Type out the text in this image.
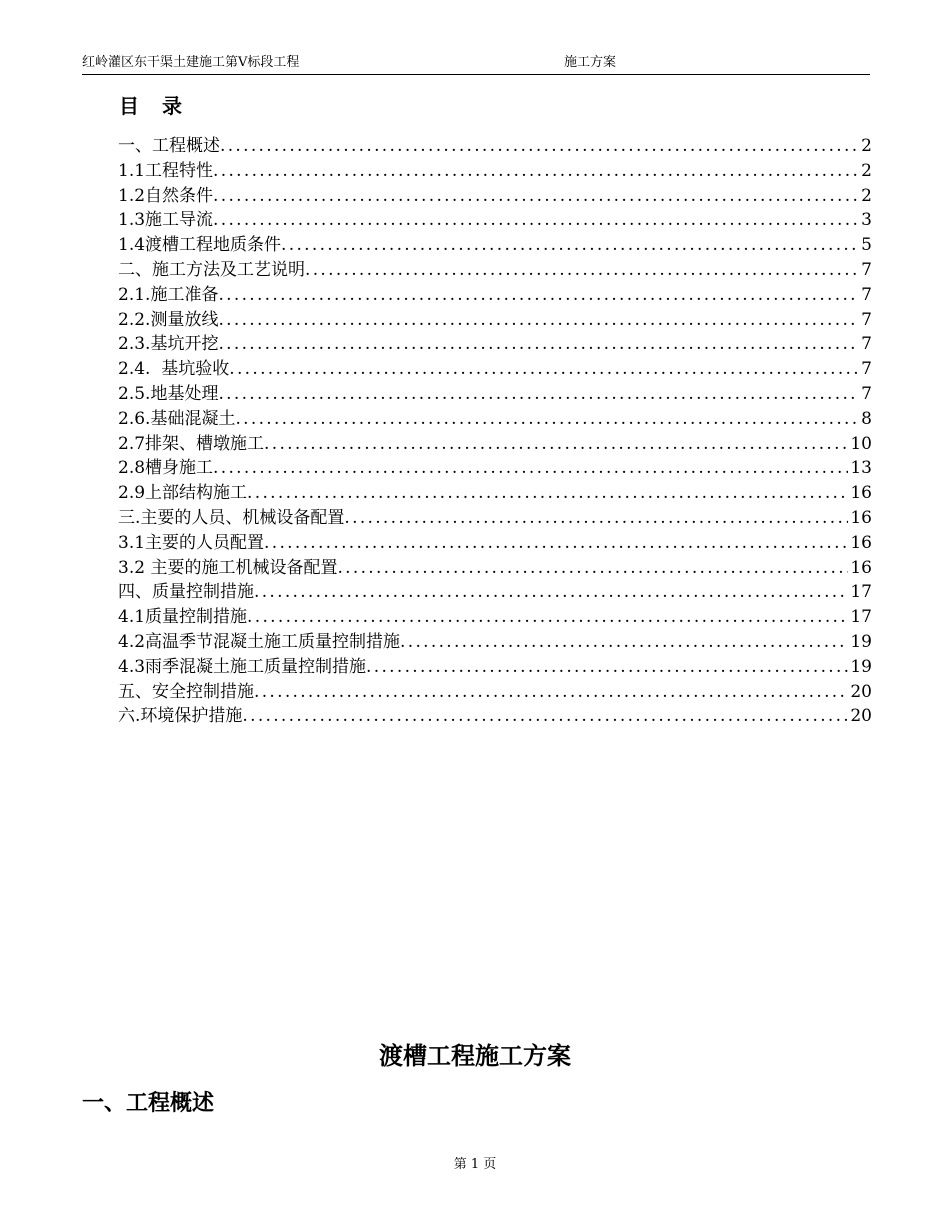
红岭灌区东干渠土建施工第Ⅴ标段工程	施工方案
目 录
一、工程概述 .....	2
1.1工程特性 .....	2
1.2自然条件 .....	2
1.3施工导流 .....	3
1.4渡槽工程地质条件 .....	5
二、施工方法及工艺说明 .....	7
2.1.施工准备 .....	7
2.2.测量放线 .....	7
2.3.基坑开挖 .....	7
2.4.  基坑验收 .....	7
2.5.地基处理 .....	7
2.6.基础混凝土 .....	8
2.7排架、槽墩施工 .....	10
2.8槽身施工 .....	13
2.9上部结构施工 .....	16
三.主要的人员、机械设备配置 .....	16
3.1主要的人员配置 .....	16
3.2 主要的施工机械设备配置 .....	16
四、质量控制措施 .....	17
4.1质量控制措施 .....	17
4.2高温季节混凝土施工质量控制措施 .....	19
4.3雨季混凝土施工质量控制措施 .....	19
五、安全控制措施 .....	20
六.环境保护措施 .....	20
渡槽工程施工方案
一、工程概述
第 1 页
